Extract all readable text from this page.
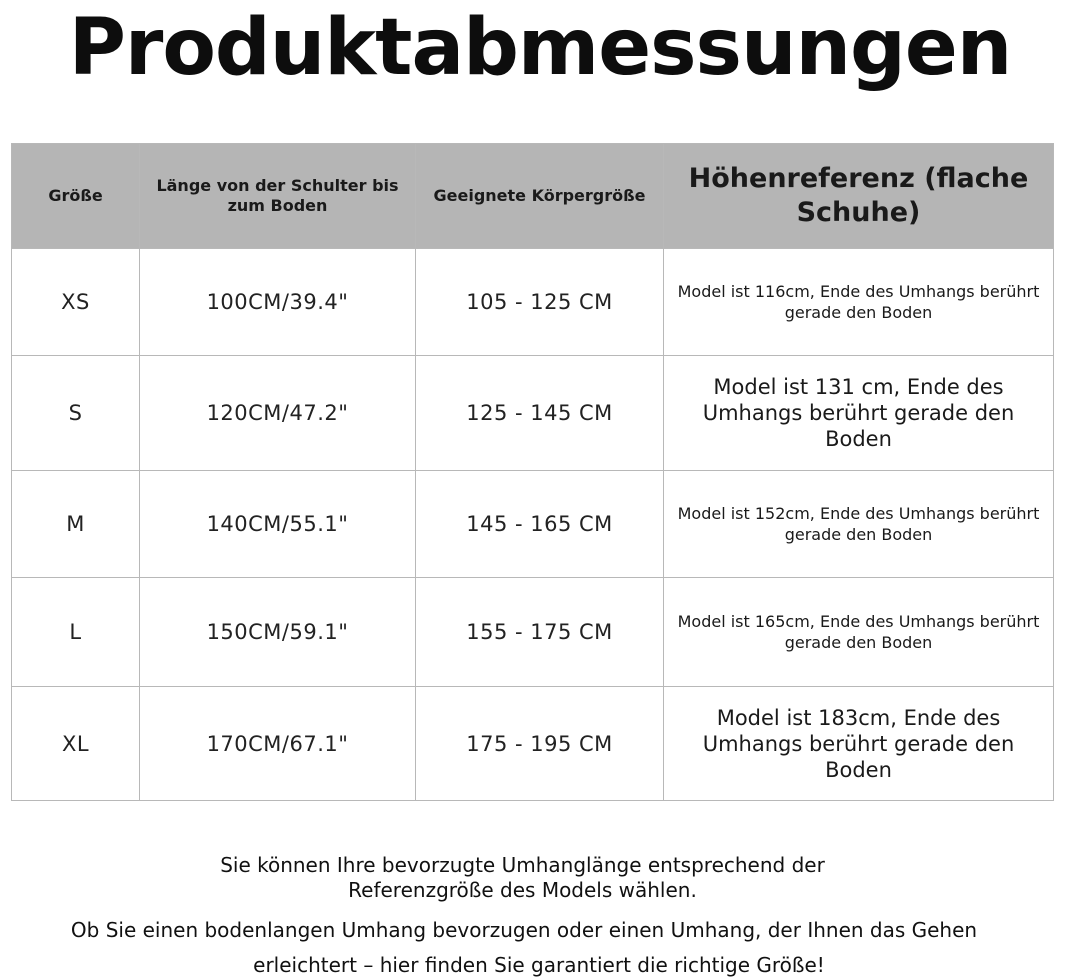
Produktabmessungen
Größe	Länge von der Schulter bis zum Boden	Geeignete Körpergröße	Höhenreferenz (flache Schuhe)
XS	100CM/39.4"	105 - 125 CM	Model ist 116cm, Ende des Umhangs berührt gerade den Boden
S	120CM/47.2"	125 - 145 CM	Model ist 131 cm, Ende des Umhangs berührt gerade den Boden
M	140CM/55.1"	145 - 165 CM	Model ist 152cm, Ende des Umhangs berührt gerade den Boden
L	150CM/59.1"	155 - 175 CM	Model ist 165cm, Ende des Umhangs berührt gerade den Boden
XL	170CM/67.1"	175 - 195 CM	Model ist 183cm, Ende des Umhangs berührt gerade den Boden
Sie können Ihre bevorzugte Umhanglänge entsprechend der
Referenzgröße des Models wählen.
Ob Sie einen bodenlangen Umhang bevorzugen oder einen Umhang, der Ihnen das Gehen
erleichtert – hier finden Sie garantiert die richtige Größe!
